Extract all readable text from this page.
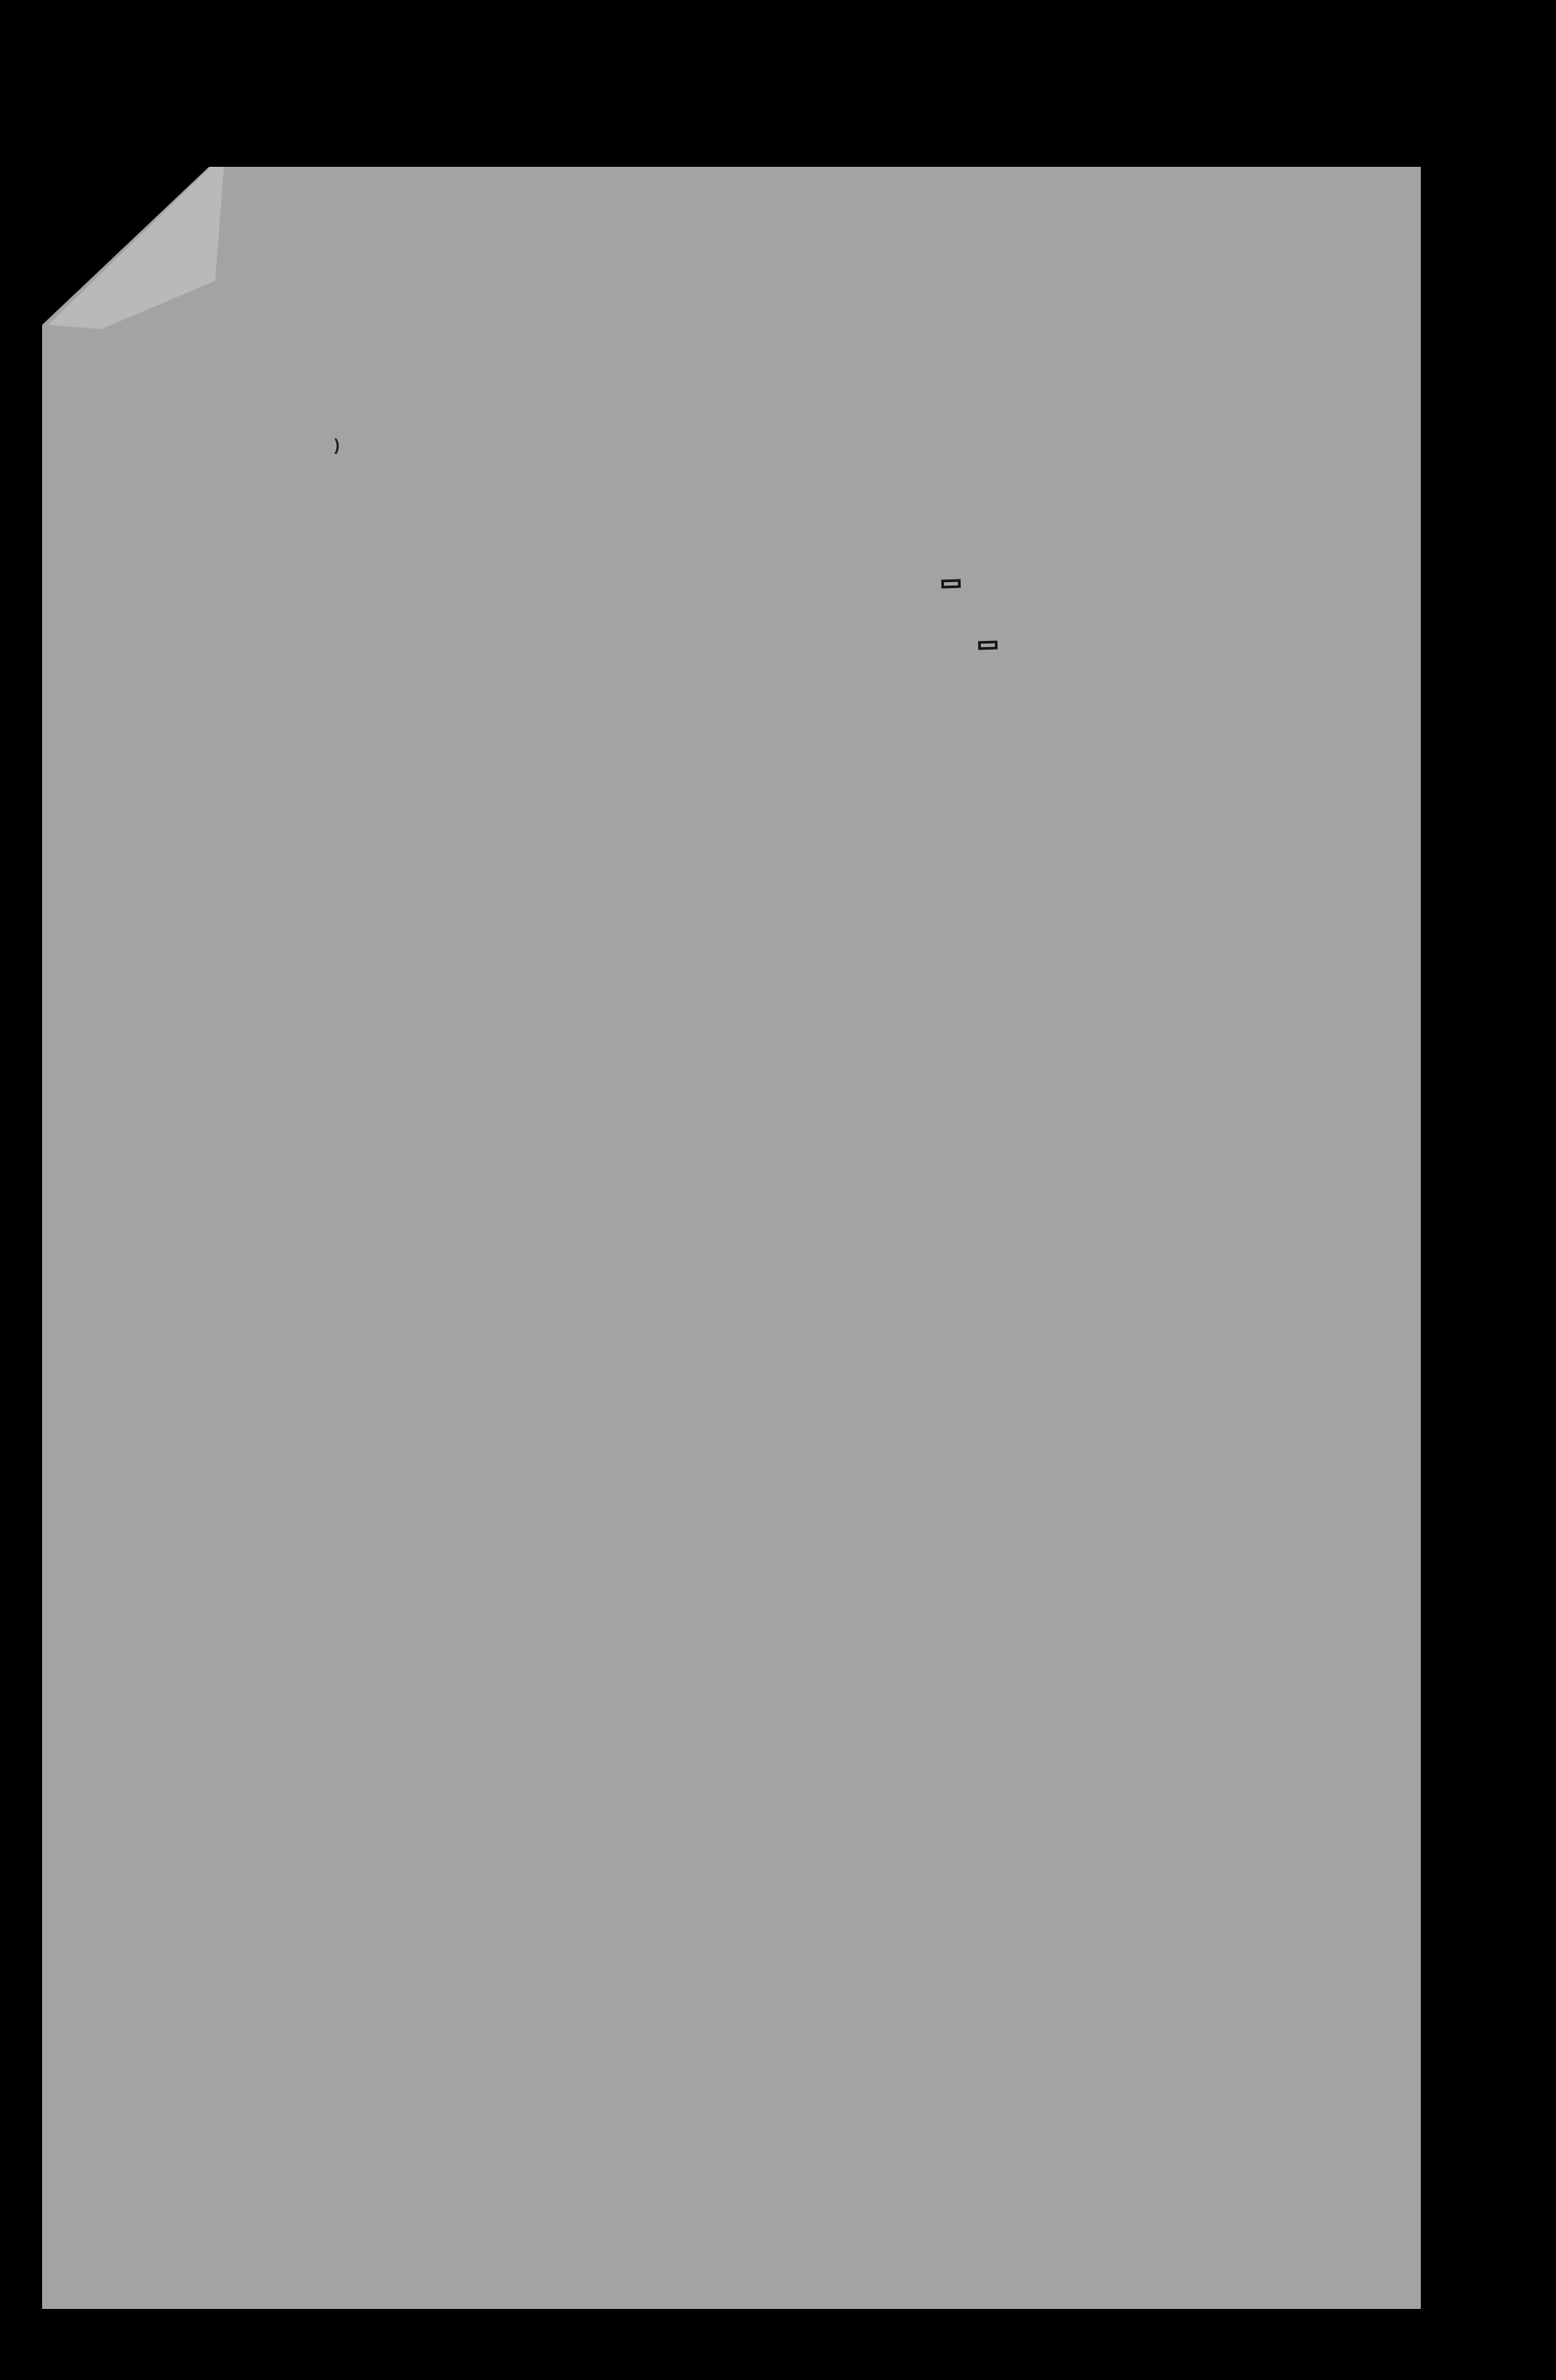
)
